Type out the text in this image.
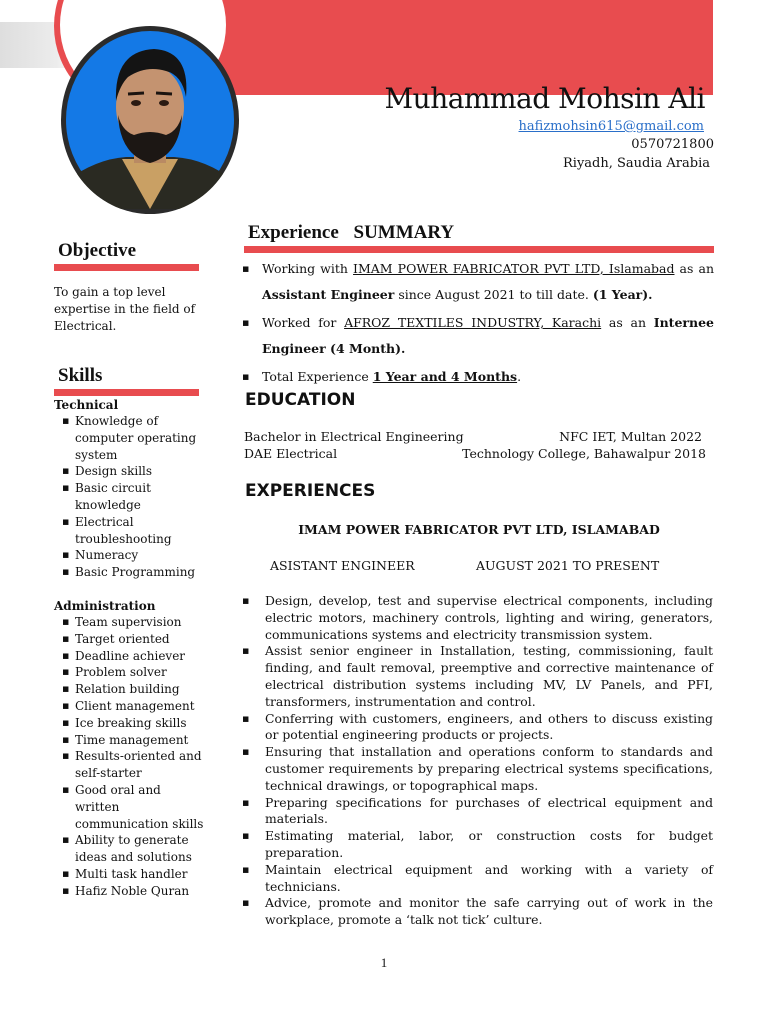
Muhammad Mohsin Ali
hafizmohsin615@gmail.com
0570721800
Riyadh, Saudia Arabia
Objective
To gain a top level expertise in the field of Electrical.
Skills
Technical
▪ Knowledge of computer operating system
▪ Design skills
▪ Basic circuit knowledge
▪ Electrical troubleshooting
▪ Numeracy
▪ Basic Programming
Administration
▪ Team supervision
▪ Target oriented
▪ Deadline achiever
▪ Problem solver
▪ Relation building
▪ Client management
▪ Ice breaking skills
▪ Time management
▪ Results-oriented and self-starter
▪ Good oral and written communication skills
▪ Ability to generate ideas and solutions
▪ Multi task handler
▪ Hafiz Noble Quran
Experience SUMMARY
▪ Working with IMAM POWER FABRICATOR PVT LTD, Islamabad as an Assistant Engineer since August 2021 to till date. (1 Year).
▪ Worked for AFROZ TEXTILES INDUSTRY, Karachi as an Internee Engineer (4 Month).
▪ Total Experience 1 Year and 4 Months.
EDUCATION
Bachelor in Electrical Engineering	NFC IET, Multan 2022
DAE Electrical	Technology College, Bahawalpur 2018
EXPERIENCES
IMAM POWER FABRICATOR PVT LTD, ISLAMABAD
ASISTANT ENGINEER	AUGUST 2021 TO PRESENT
▪ Design, develop, test and supervise electrical components, including electric motors, machinery controls, lighting and wiring, generators, communications systems and electricity transmission system.
▪ Assist senior engineer in Installation, testing, commissioning, fault finding, and fault removal, preemptive and corrective maintenance of electrical distribution systems including MV, LV Panels, and PFI, transformers, instrumentation and control.
▪ Conferring with customers, engineers, and others to discuss existing or potential engineering products or projects.
▪ Ensuring that installation and operations conform to standards and customer requirements by preparing electrical systems specifications, technical drawings, or topographical maps.
▪ Preparing specifications for purchases of electrical equipment and materials.
▪ Estimating material, labor, or construction costs for budget preparation.
▪ Maintain electrical equipment and working with a variety of technicians.
▪ Advice, promote and monitor the safe carrying out of work in the workplace, promote a ‘talk not tick’ culture.
1
